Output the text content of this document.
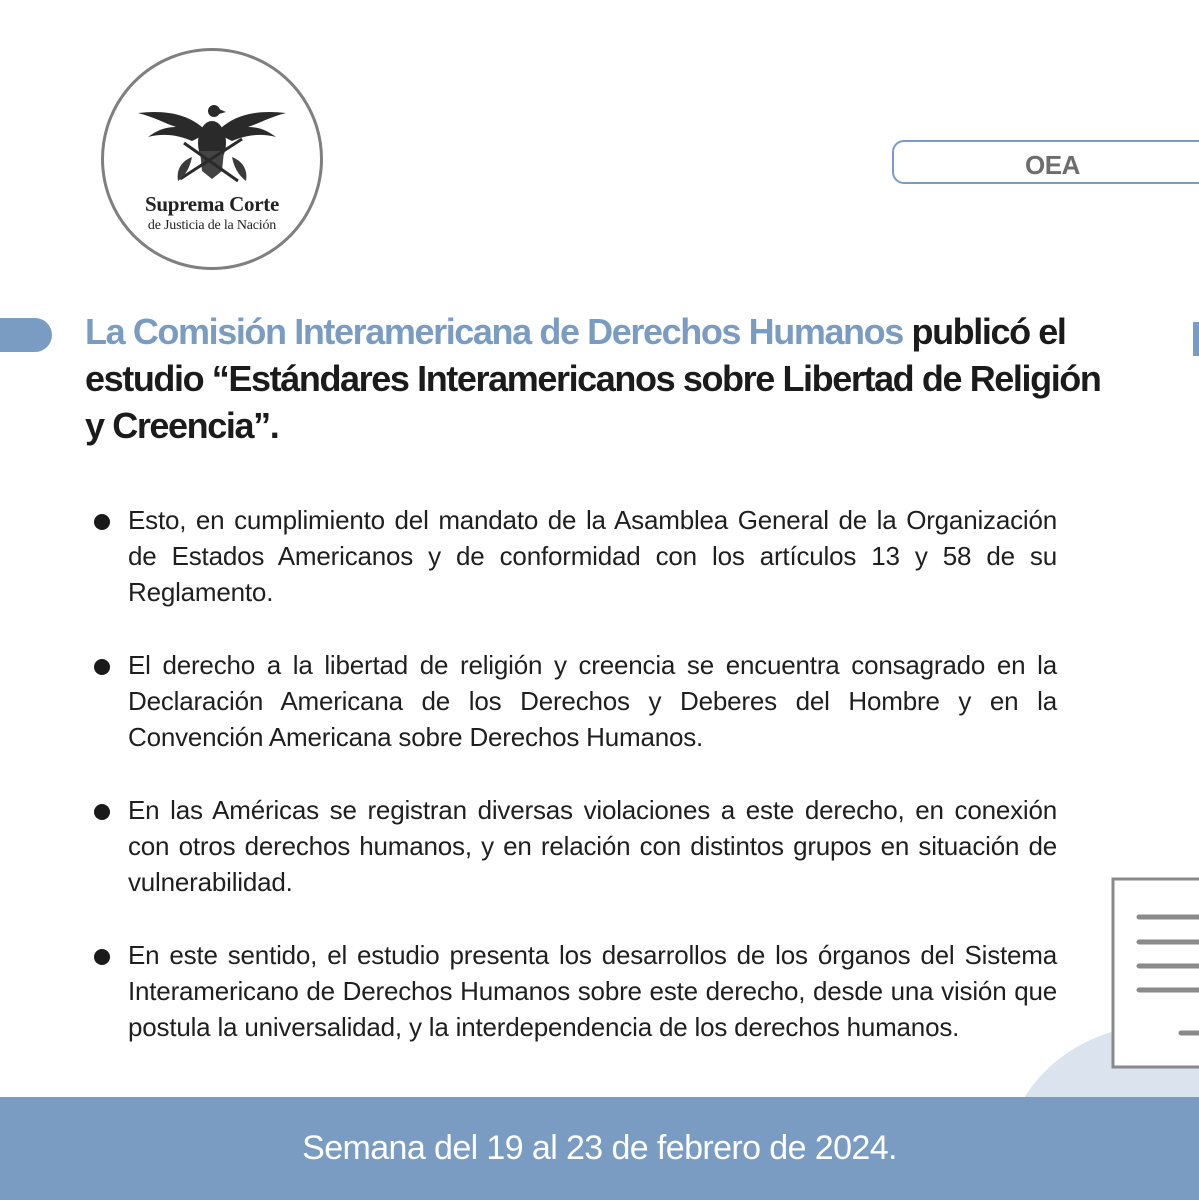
Suprema Corte
de Justicia de la Nación
OEA
La Comisión Interamericana de Derechos Humanos publicó el estudio “Estándares Interamericanos sobre Libertad de Religión y Creencia”.
Esto, en cumplimiento del mandato de la Asamblea General de la Organización de Estados Americanos y de conformidad con los artículos 13 y 58 de su Reglamento.
El derecho a la libertad de religión y creencia se encuentra consagrado en la Declaración Americana de los Derechos y Deberes del Hombre y en la Convención Americana sobre Derechos Humanos.
En las Américas se registran diversas violaciones a este derecho, en conexión con otros derechos humanos, y en relación con distintos grupos en situación de vulnerabilidad.
En este sentido, el estudio presenta los desarrollos de los órganos del Sistema Interamericano de Derechos Humanos sobre este derecho, desde una visión que postula la universalidad, y la interdependencia de los derechos humanos.
Semana del 19 al 23 de febrero de 2024.
